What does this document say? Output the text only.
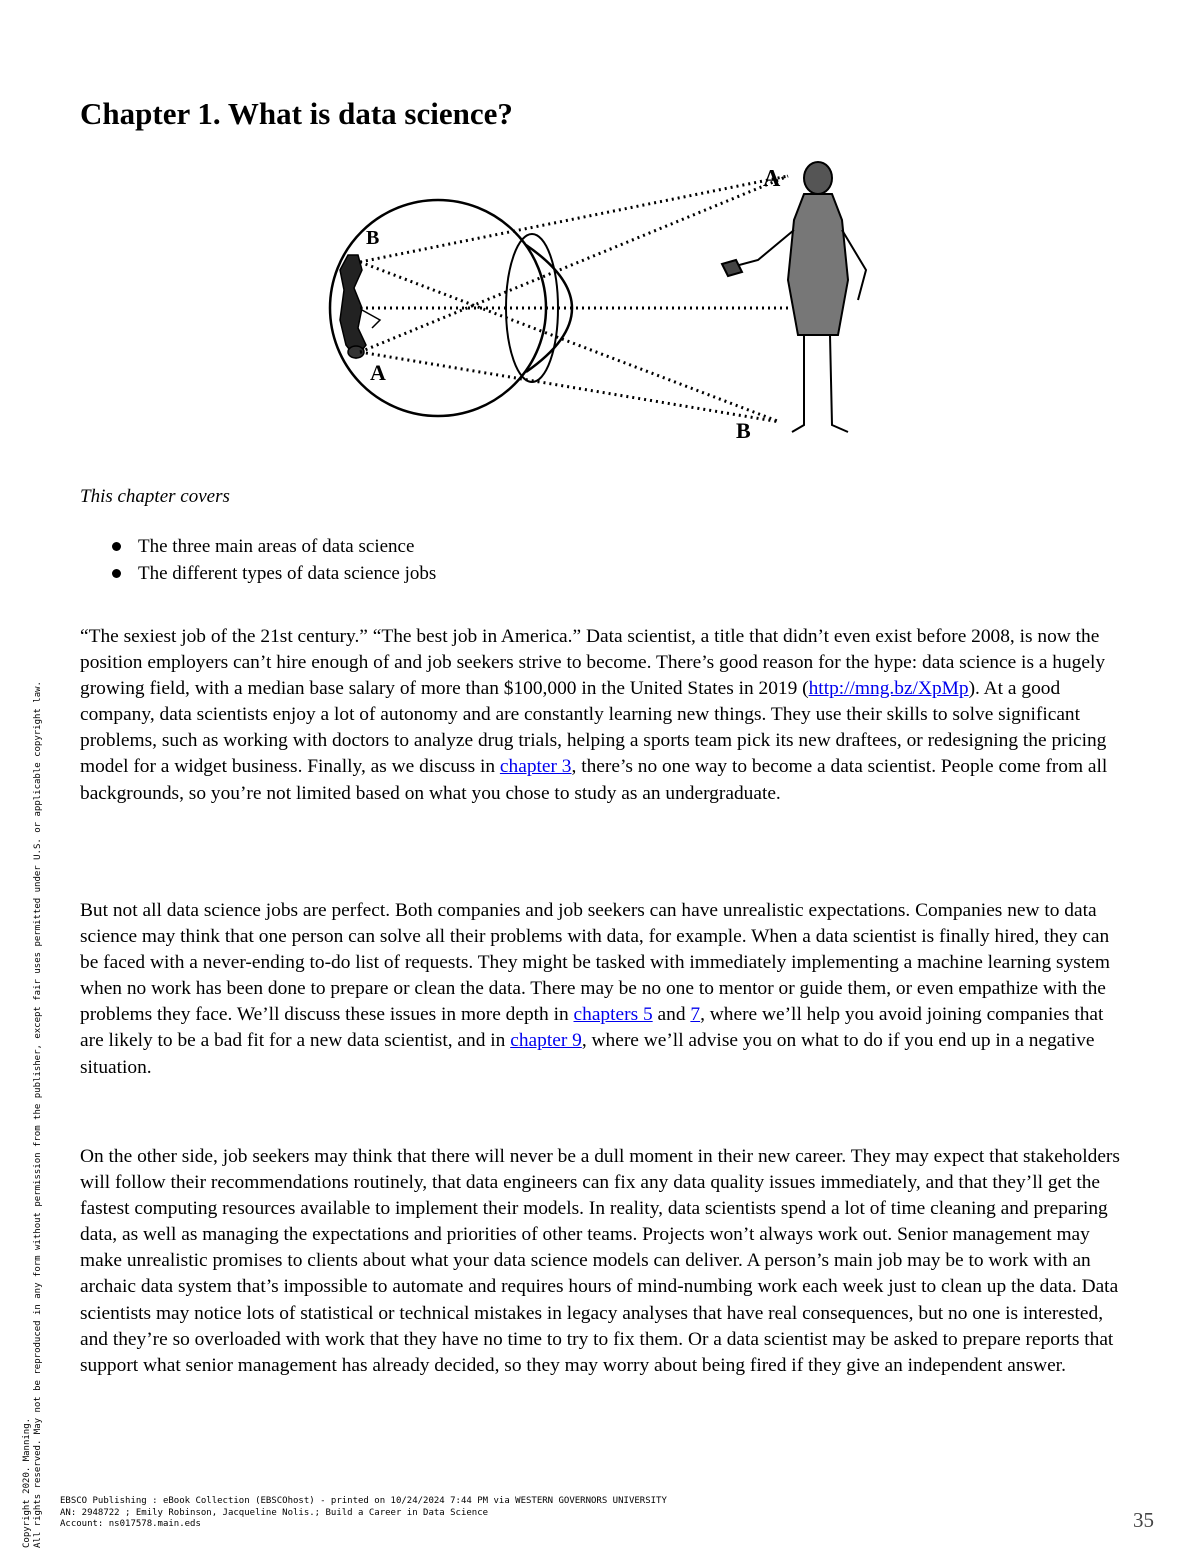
Chapter 1. What is data science?
A
B
A
B

This chapter covers

The three main areas of data science
The different types of data science jobs

“The sexiest job of the 21st century.” “The best job in America.” Data scientist, a title that didn’t even exist before 2008, is now the position employers can’t hire enough of and job seekers strive to become. There’s good reason for the hype: data science is a hugely growing field, with a median base salary of more than $100,000 in the United States in 2019 (http://mng.bz/XpMp). At a good company, data scientists enjoy a lot of autonomy and are constantly learning new things. They use their skills to solve significant problems, such as working with doctors to analyze drug trials, helping a sports team pick its new draftees, or redesigning the pricing model for a widget business. Finally, as we discuss in chapter 3, there’s no one way to become a data scientist. People come from all backgrounds, so you’re not limited based on what you chose to study as an undergraduate.

But not all data science jobs are perfect. Both companies and job seekers can have unrealistic expectations. Companies new to data science may think that one person can solve all their problems with data, for example. When a data scientist is finally hired, they can be faced with a never-ending to-do list of requests. They might be tasked with immediately implementing a machine learning system when no work has been done to prepare or clean the data. There may be no one to mentor or guide them, or even empathize with the problems they face. We’ll discuss these issues in more depth in chapters 5 and 7, where we’ll help you avoid joining companies that are likely to be a bad fit for a new data scientist, and in chapter 9, where we’ll advise you on what to do if you end up in a negative situation.

On the other side, job seekers may think that there will never be a dull moment in their new career. They may expect that stakeholders will follow their recommendations routinely, that data engineers can fix any data quality issues immediately, and that they’ll get the fastest computing resources available to implement their models. In reality, data scientists spend a lot of time cleaning and preparing data, as well as managing the expectations and priorities of other teams. Projects won’t always work out. Senior management may make unrealistic promises to clients about what your data science models can deliver. A person’s main job may be to work with an archaic data system that’s impossible to automate and requires hours of mind-numbing work each week just to clean up the data. Data scientists may notice lots of statistical or technical mistakes in legacy analyses that have real consequences, but no one is interested, and they’re so overloaded with work that they have no time to try to fix them. Or a data scientist may be asked to prepare reports that support what senior management has already decided, so they may worry about being fired if they give an independent answer.

Copyright 2020. Manning. All rights reserved. May not be reproduced in any form without permission from the publisher, except fair uses permitted under U.S. or applicable copyright law. EBSCO Publishing : eBook Collection (EBSCOhost) - printed on 10/24/2024 7:44 PM via WESTERN GOVERNORS UNIVERSITY
AN: 2948722 ; Emily Robinson, Jacqueline Nolis.; Build a Career in Data Science
Account: ns017578.main.eds	35
